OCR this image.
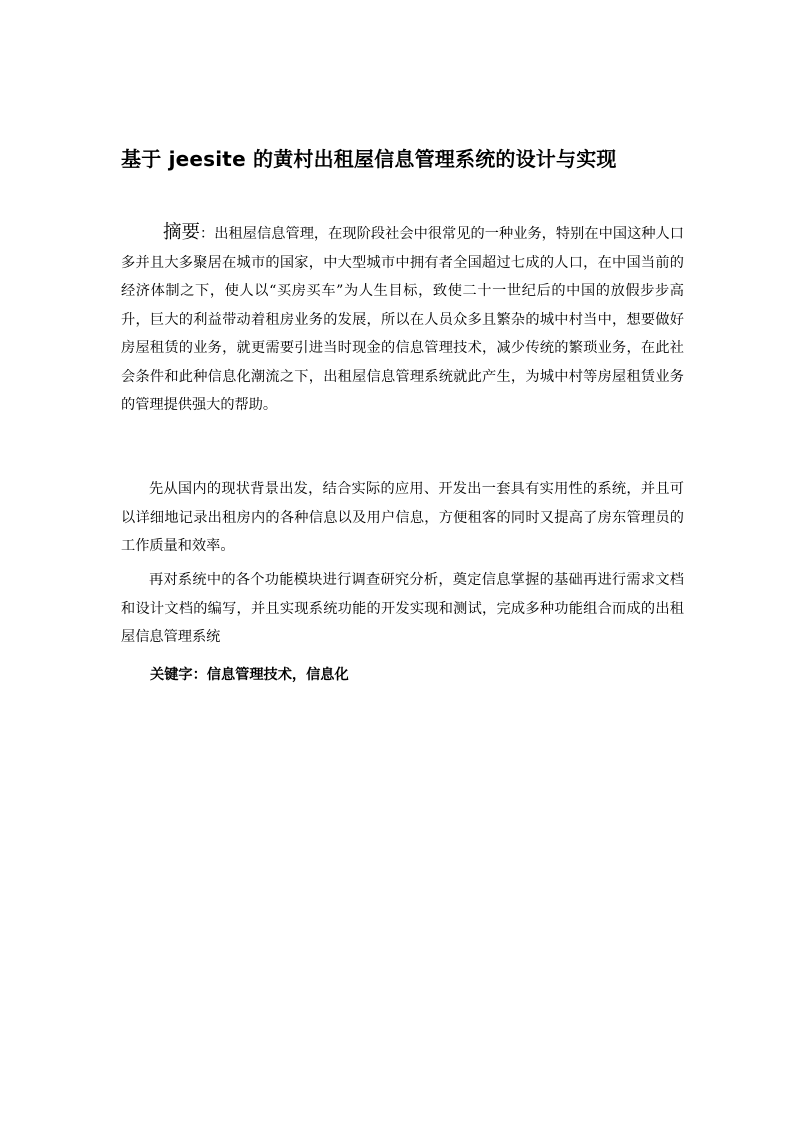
基于 jeesite 的黄村出租屋信息管理系统的设计与实现
摘要：出租屋信息管理，在现阶段社会中很常见的一种业务，特别在中国这种人口多并且大多聚居在城市的国家，中大型城市中拥有者全国超过七成的人口，在中国当前的经济体制之下，使人以“买房买车”为人生目标，致使二十一世纪后的中国的放假步步高升，巨大的利益带动着租房业务的发展，所以在人员众多且繁杂的城中村当中，想要做好房屋租赁的业务，就更需要引进当时现金的信息管理技术，减少传统的繁琐业务，在此社会条件和此种信息化潮流之下，出租屋信息管理系统就此产生，为城中村等房屋租赁业务的管理提供强大的帮助。
先从国内的现状背景出发，结合实际的应用、开发出一套具有实用性的系统，并且可以详细地记录出租房内的各种信息以及用户信息，方便租客的同时又提高了房东管理员的工作质量和效率。
再对系统中的各个功能模块进行调查研究分析，奠定信息掌握的基础再进行需求文档和设计文档的编写，并且实现系统功能的开发实现和测试，完成多种功能组合而成的出租屋信息管理系统
关键字：信息管理技术，信息化
